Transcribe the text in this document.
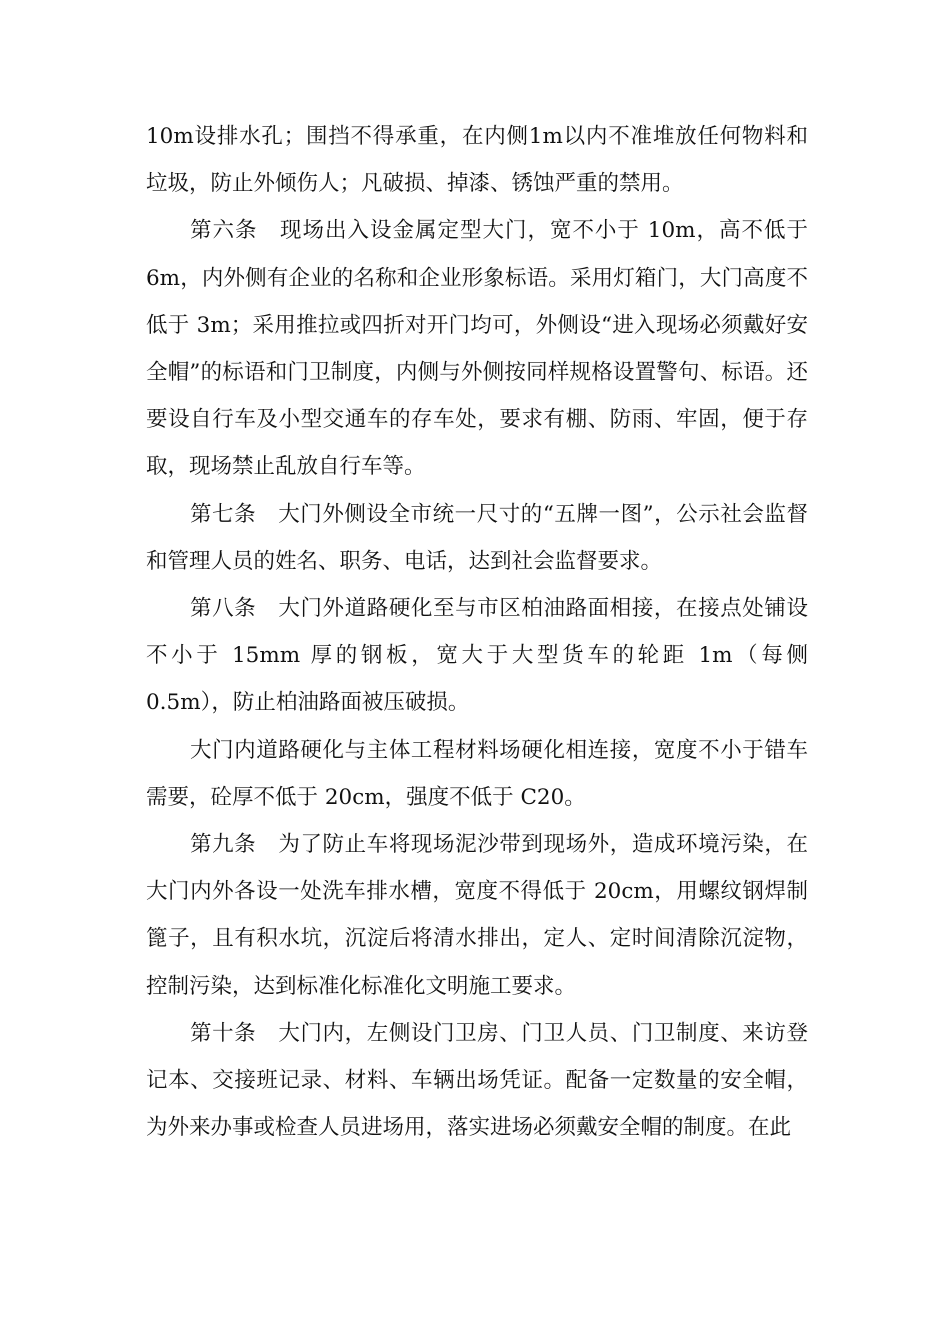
10m设排水孔；围挡不得承重，在内侧1m以内不准堆放任何物料和垃圾，防止外倾伤人；凡破损、掉漆、锈蚀严重的禁用。

第六条　现场出入设金属定型大门，宽不小于 10m，高不低于6m，内外侧有企业的名称和企业形象标语。采用灯箱门，大门高度不低于 3m；采用推拉或四折对开门均可，外侧设“进入现场必须戴好安全帽”的标语和门卫制度，内侧与外侧按同样规格设置警句、标语。还要设自行车及小型交通车的存车处，要求有棚、防雨、牢固，便于存取，现场禁止乱放自行车等。

第七条　大门外侧设全市统一尺寸的“五牌一图”，公示社会监督和管理人员的姓名、职务、电话，达到社会监督要求。

第八条　大门外道路硬化至与市区柏油路面相接，在接点处铺设不小于 15mm 厚的钢板，宽大于大型货车的轮距 1m（每侧 0.5m），防止柏油路面被压破损。

大门内道路硬化与主体工程材料场硬化相连接，宽度不小于错车需要，砼厚不低于 20cm，强度不低于 C20。

第九条　为了防止车将现场泥沙带到现场外，造成环境污染，在大门内外各设一处洗车排水槽，宽度不得低于 20cm，用螺纹钢焊制篦子，且有积水坑，沉淀后将清水排出，定人、定时间清除沉淀物，控制污染，达到标准化标准化文明施工要求。

第十条　大门内，左侧设门卫房、门卫人员、门卫制度、来访登记本、交接班记录、材料、车辆出场凭证。配备一定数量的安全帽，为外来办事或检查人员进场用，落实进场必须戴安全帽的制度。在此
